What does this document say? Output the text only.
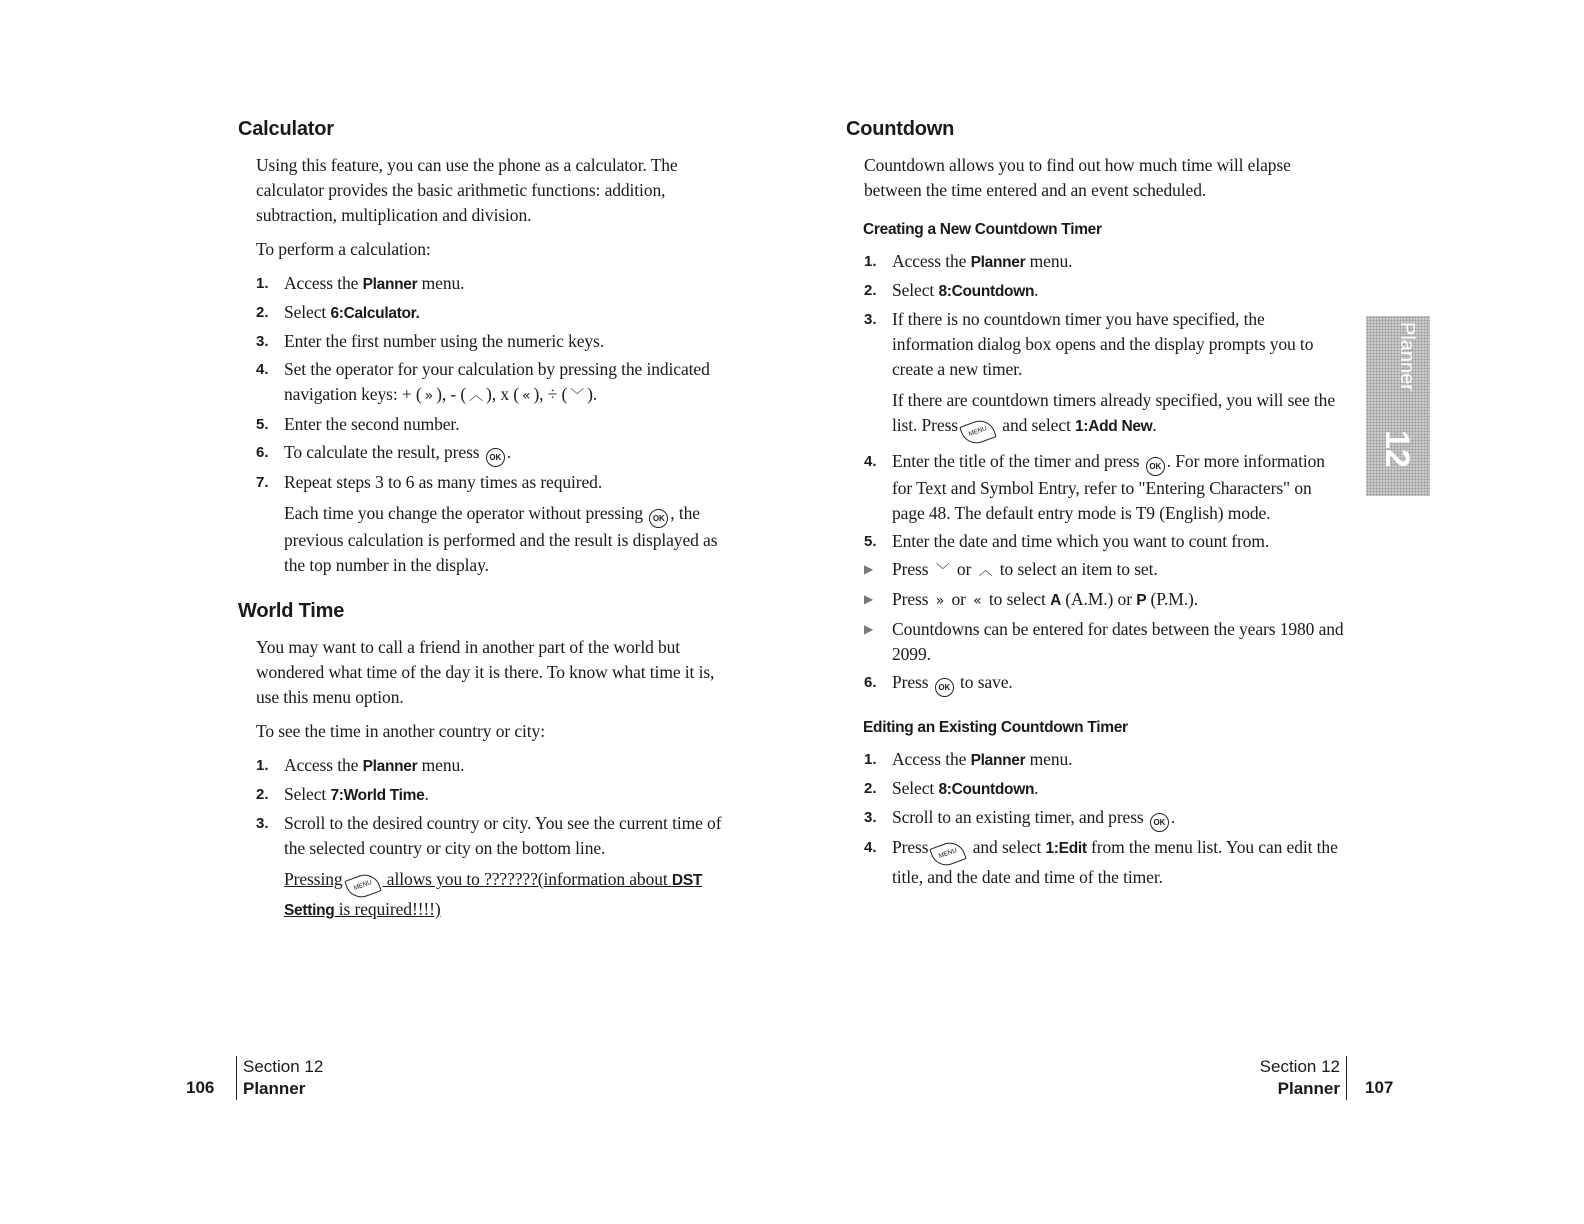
Calculator

Using this feature, you can use the phone as a calculator. The calculator provides the basic arithmetic functions: addition, subtraction, multiplication and division.

To perform a calculation:

1. Access the Planner menu.
2. Select 6:Calculator.
3. Enter the first number using the numeric keys.
4. Set the operator for your calculation by pressing the indicated navigation keys: + ( » ), - ( ︿ ), x ( « ), ÷ ( ﹀ ).
5. Enter the second number.
6. To calculate the result, press OK .
7. Repeat steps 3 to 6 as many times as required.

Each time you change the operator without pressing OK , the previous calculation is performed and the result is displayed as the top number in the display.

World Time

You may want to call a friend in another part of the world but wondered what time of the day it is there. To know what time it is, use this menu option.

To see the time in another country or city:

1. Access the Planner menu.
2. Select 7:World Time.
3. Scroll to the desired country or city. You see the current time of the selected country or city on the bottom line.

Pressing MENU allows you to ???????(information about DST Setting is required!!!!)

Countdown

Countdown allows you to find out how much time will elapse between the time entered and an event scheduled.

Creating a New Countdown Timer
1. Access the Planner menu.
2. Select 8:Countdown.
3. If there is no countdown timer you have specified, the information dialog box opens and the display prompts you to create a new timer.

If there are countdown timers already specified, you will see the list. Press MENU and select 1:Add New.

4. Enter the title of the timer and press OK . For more information for Text and Symbol Entry, refer to "Entering Characters" on page 48. The default entry mode is T9 (English) mode.
5. Enter the date and time which you want to count from.
▶	Press ﹀ or ︿ to select an item to set.
▶	Press » or « to select A (A.M.) or P (P.M.).
▶	Countdowns can be entered for dates between the years 1980 and 2099.
6. Press OK to save.
Editing an Existing Countdown Timer
1. Access the Planner menu.
2. Select 8:Countdown.
3. Scroll to an existing timer, and press OK .
4. Press MENU and select 1:Edit from the menu list. You can edit the title, and the date and time of the timer.
Planner
12
106
Section 12
Planner
Section 12
Planner 107
